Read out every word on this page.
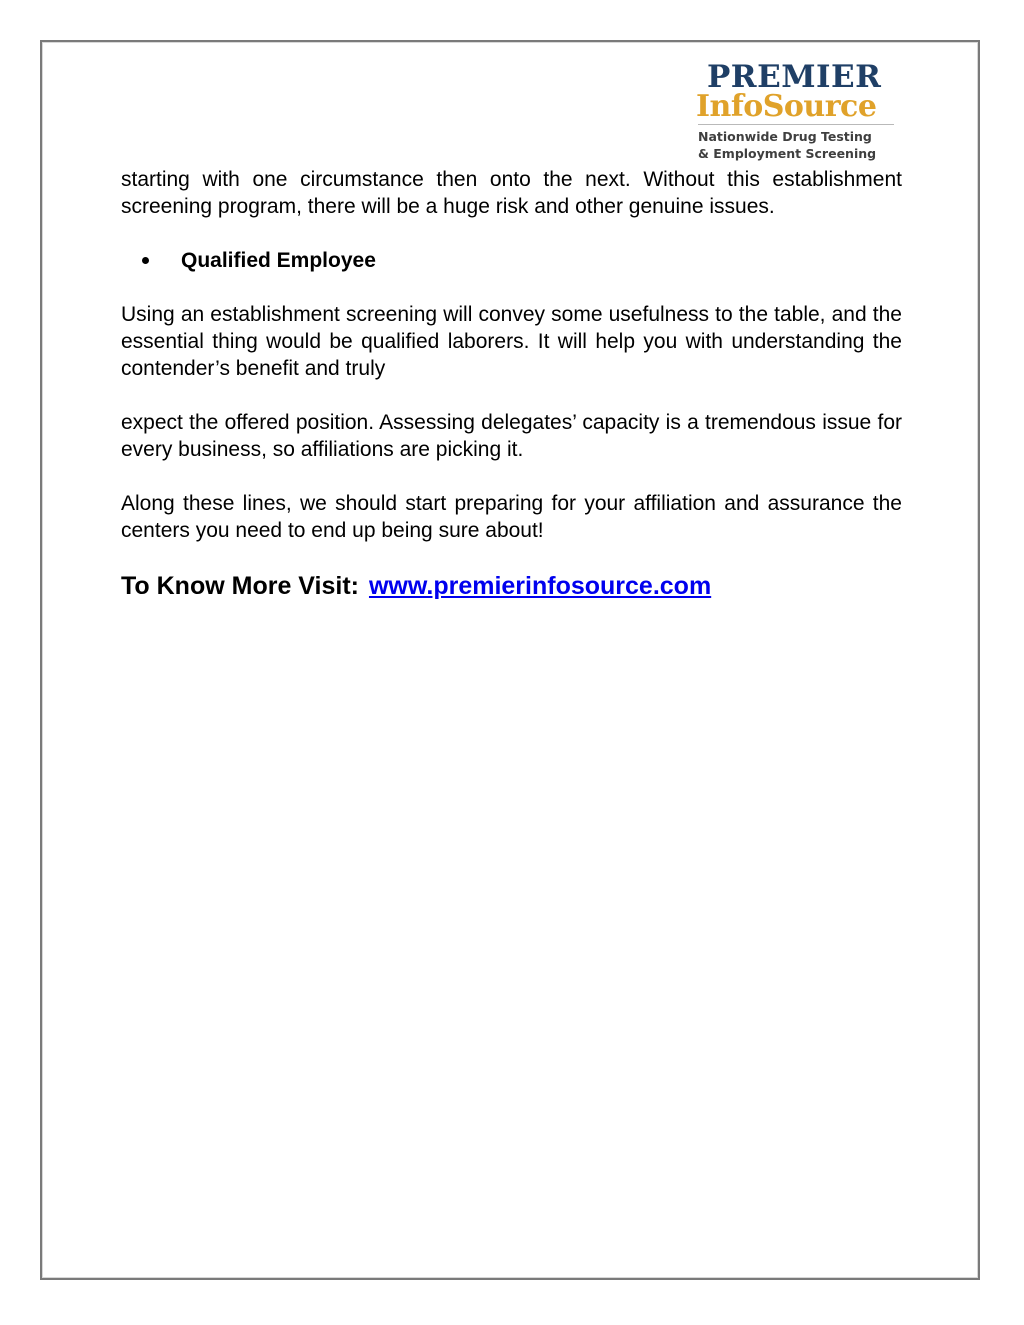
PREMIER
InfoSource
Nationwide Drug Testing
& Employment Screening

starting with one circumstance then onto the next. Without this establishment screening program, there will be a huge risk and other genuine issues.

Qualified Employee

Using an establishment screening will convey some usefulness to the table, and the essential thing would be qualified laborers. It will help you with understanding the contender’s benefit and truly

expect the offered position. Assessing delegates’ capacity is a tremendous issue for every business, so affiliations are picking it.

Along these lines, we should start preparing for your affiliation and assurance the centers you need to end up being sure about!

To Know More Visit: www.premierinfosource.com
